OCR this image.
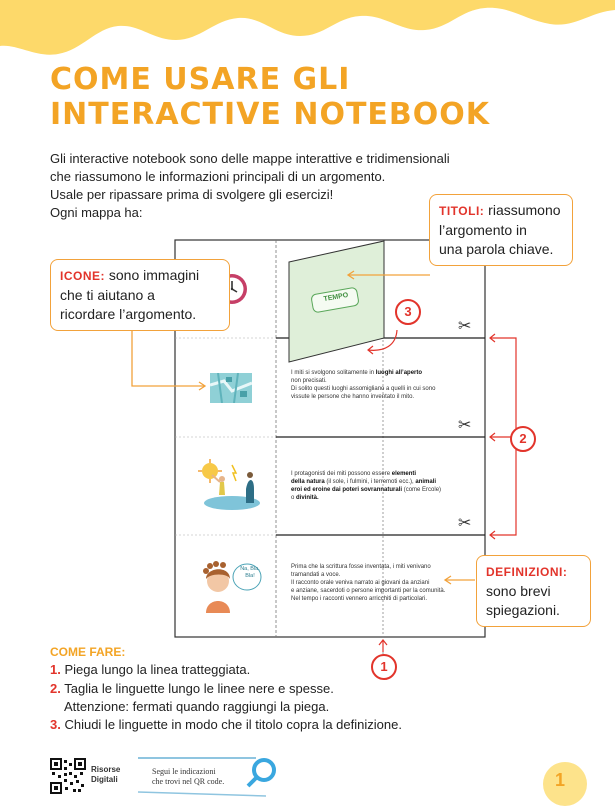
COME USARE GLI
INTERACTIVE NOTEBOOK

Gli interactive notebook sono delle mappe interattive e tridimensionali

che riassumono le informazioni principali di un argomento.

Usale per ripassare prima di svolgere gli esercizi!

Ogni mappa ha:

TEMPO
Na, Bla, Bla!
I miti si svolgono solitamente in luoghi all’aperto
non precisati.
Di solito questi luoghi assomigliano a quelli in cui sono
vissute le persone che hanno inventato il mito.
I protagonisti dei miti possono essere elementi
della natura (il sole, i fulmini, i terremoti ecc.), animali
eroi ed eroine dai poteri sovrannaturali (come Ercole)
o divinità.
Prima che la scrittura fosse inventata, i miti venivano
tramandati a voce.
Il racconto orale veniva narrato ai giovani da anziani
e anziane, sacerdoti o persone importanti per la comunità.
Nel tempo i racconti vennero arricchiti di particolari.
✂
✂
✂
3
2
1
TITOLI: riassumono
l’argomento in
una parola chiave.
ICONE: sono immagini
che ti aiutano a
ricordare l’argomento.
DEFINIZIONI:
sono brevi
spiegazioni.
COME FARE:
1. Piega lungo la linea tratteggiata.
2. Taglia le linguette lungo le linee nere e spesse.
Attenzione: fermati quando raggiungi la piega.
3. Chiudi le linguette in modo che il titolo copra la definizione.
Risorse
Digitali
Segui le indicazioni
che trovi nel QR code.	1
